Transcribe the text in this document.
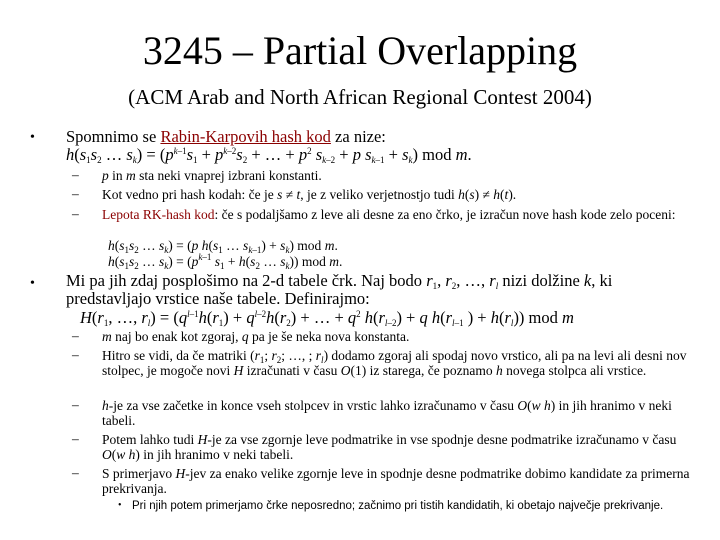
3245 – Partial Overlapping
(ACM Arab and North African Regional Contest 2004)
• Spomnimo se Rabin-Karpovih hash kod za nize:
$h(s_1s_2$ … $s_k) = (p^{k-1}s_1 + p^{k-2}s_2$ + … + $p^2$ $s_{k-2} + p$ $s_{k-1} + s_k$) mod m.
– p in m sta neki vnaprej izbrani konstanti.
– Kot vedno pri hash kodah: če je s ≠ t, je z veliko verjetnostjo tudi h(s) ≠ h(t).
– Lepota RK-hash kod: če s podaljšamo z leve ali desne za eno črko, je izračun nove hash kode zelo poceni:
$h(s_1s_2$ … $s_k) = (p$ $h(s_1$ … $s_{k-1}) + s_k$) mod m.
$h(s_1s_2$ … $s_k) = (p^{k-1}$ $s_1 + h(s_2$ … $s_k$)) mod m.
• Mi pa jih zdaj posplošimo na 2-d tabele črk. Naj bodo $r_1$, $r_2$, …, $r_l$ nizi dolžine k, ki predstavljajo vrstice naše tabele. Definirajmo:
$H(r_1$, …, $r_l) = (q^{l-1}h(r_1) + q^{l-2}h(r_2)$ + … + $q^2$ $h(r_{l-2}) + q$ $h(r_{l-1}$ ) + $h(r_l)$) mod m
– m naj bo enak kot zgoraj, q pa je še neka nova konstanta.
– Hitro se vidi, da če matriki ($r_1$; $r_2$; …, ; $r_l$) dodamo zgoraj ali spodaj novo vrstico, ali pa na levi ali desni nov stolpec, je mogoče novi H izračunati v času O(1) iz starega, če poznamo h novega stolpca ali vrstice.
– h-je za vse začetke in konce vseh stolpcev in vrstic lahko izračunamo v času O(w h) in jih hranimo v neki tabeli.
– Potem lahko tudi H-je za vse zgornje leve podmatrike in vse spodnje desne podmatrike izračunamo v času O(w h) in jih hranimo v neki tabeli.
– S primerjavo H-jev za enako velike zgornje leve in spodnje desne podmatrike dobimo kandidate za primerna prekrivanja.
• Pri njih potem primerjamo črke neposredno; začnimo pri tistih kandidatih, ki obetajo največje prekrivanje.
